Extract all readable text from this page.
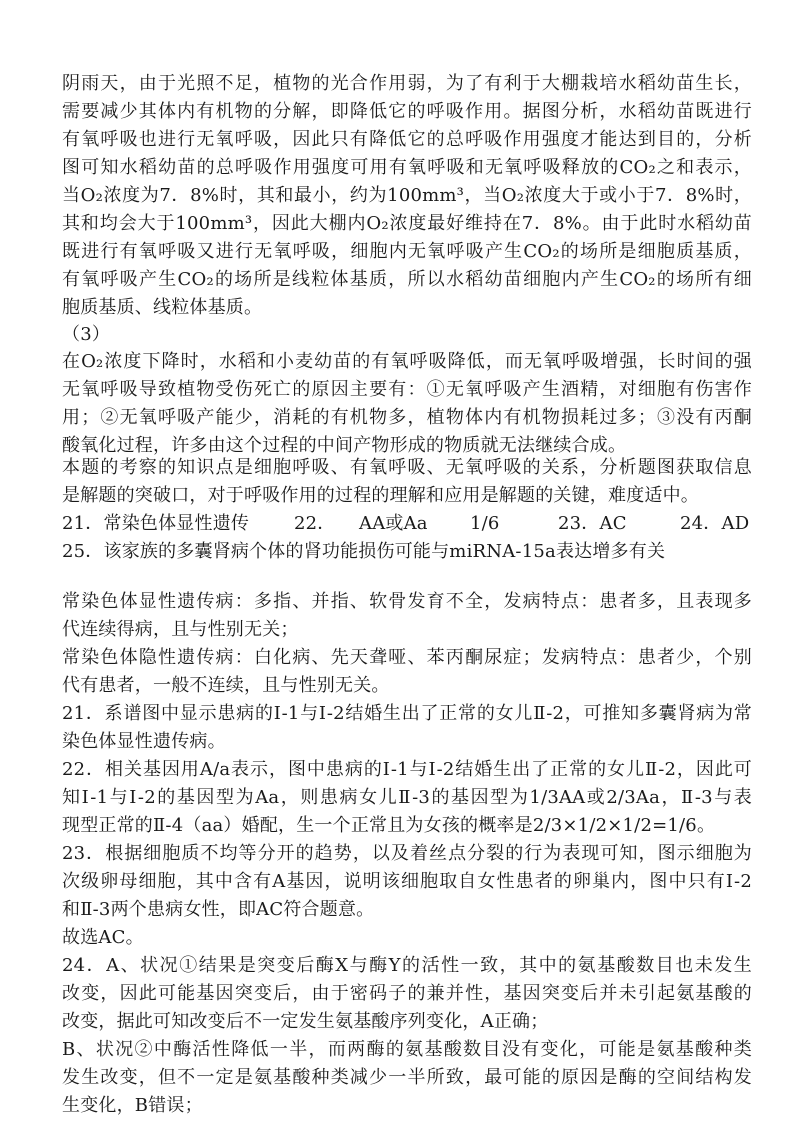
阴雨天，由于光照不足，植物的光合作用弱，为了有利于大棚栽培水稻幼苗生长，
需要减少其体内有机物的分解，即降低它的呼吸作用。据图分析，水稻幼苗既进行
有氧呼吸也进行无氧呼吸，因此只有降低它的总呼吸作用强度才能达到目的，分析
图可知水稻幼苗的总呼吸作用强度可用有氧呼吸和无氧呼吸释放的CO₂之和表示，
当O₂浓度为7．8%时，其和最小，约为100mm³，当O₂浓度大于或小于7．8%时，
其和均会大于100mm³，因此大棚内O₂浓度最好维持在7．8%。由于此时水稻幼苗
既进行有氧呼吸又进行无氧呼吸，细胞内无氧呼吸产生CO₂的场所是细胞质基质，
有氧呼吸产生CO₂的场所是线粒体基质，所以水稻幼苗细胞内产生CO₂的场所有细
胞质基质、线粒体基质。
（3）
在O₂浓度下降时，水稻和小麦幼苗的有氧呼吸降低，而无氧呼吸增强，长时间的强
无氧呼吸导致植物受伤死亡的原因主要有：①无氧呼吸产生酒精，对细胞有伤害作
用；②无氧呼吸产能少，消耗的有机物多，植物体内有机物损耗过多；③没有丙酮
酸氧化过程，许多由这个过程的中间产物形成的物质就无法继续合成。
本题的考察的知识点是细胞呼吸、有氧呼吸、无氧呼吸的关系，分析题图获取信息
是解题的突破口，对于呼吸作用的过程的理解和应用是解题的关键，难度适中。
21．常染色体显性遗传 22． AA或Aa 1/6	23．AC	24．AD
25．该家族的多囊肾病个体的肾功能损伤可能与miRNA-15a表达增多有关
常染色体显性遗传病：多指、并指、软骨发育不全，发病特点：患者多，且表现多
代连续得病，且与性别无关；
常染色体隐性遗传病：白化病、先天聋哑、苯丙酮尿症；发病特点：患者少，个别
代有患者，一般不连续，且与性别无关。
21．系谱图中显示患病的Ⅰ-1与Ⅰ-2结婚生出了正常的女儿Ⅱ-2，可推知多囊肾病为常
染色体显性遗传病。
22．相关基因用A/a表示，图中患病的Ⅰ-1与Ⅰ-2结婚生出了正常的女儿Ⅱ-2，因此可
知Ⅰ-1与Ⅰ-2的基因型为Aa，则患病女儿Ⅱ-3的基因型为1/3AA或2/3Aa，Ⅱ-3与表
现型正常的Ⅱ-4（aa）婚配，生一个正常且为女孩的概率是2/3×1/2×1/2=1/6。
23．根据细胞质不均等分开的趋势，以及着丝点分裂的行为表现可知，图示细胞为
次级卵母细胞，其中含有A基因，说明该细胞取自女性患者的卵巢内，图中只有Ⅰ-2
和Ⅱ-3两个患病女性，即AC符合题意。
故选AC。
24．A、状况①结果是突变后酶X与酶Y的活性一致，其中的氨基酸数目也未发生
改变，因此可能基因突变后，由于密码子的兼并性，基因突变后并未引起氨基酸的
改变，据此可知改变后不一定发生氨基酸序列变化，A正确；
B、状况②中酶活性降低一半，而两酶的氨基酸数目没有变化，可能是氨基酸种类
发生改变，但不一定是氨基酸种类减少一半所致，最可能的原因是酶的空间结构发
生变化，B错误；
